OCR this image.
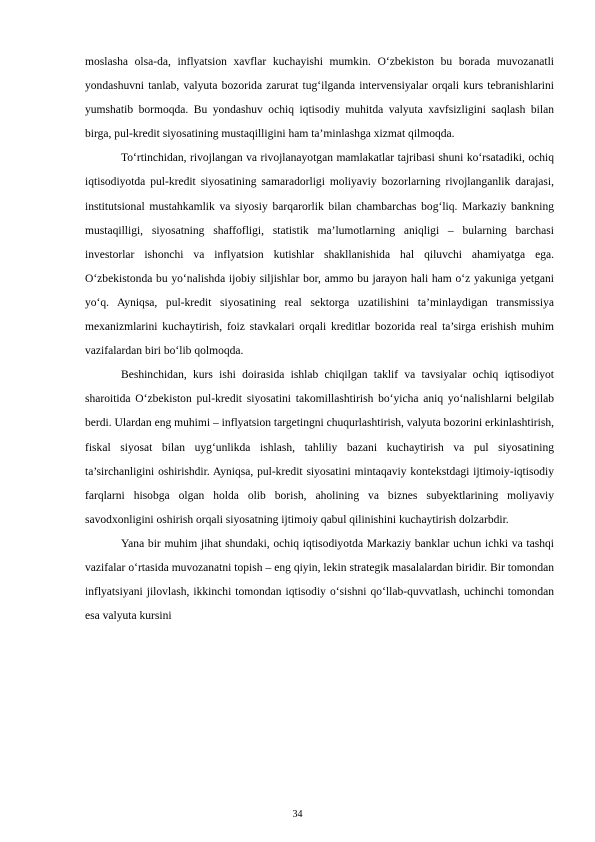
moslasha olsa-da, inflyatsion xavflar kuchayishi mumkin. O‘zbekiston bu borada muvozanatli yondashuvni tanlab, valyuta bozorida zarurat tug‘ilganda intervensiyalar orqali kurs tebranishlarini yumshatib bormoqda. Bu yondashuv ochiq iqtisodiy muhitda valyuta xavfsizligini saqlash bilan birga, pul-kredit siyosatining mustaqilligini ham ta’minlashga xizmat qilmoqda.

To‘rtinchidan, rivojlangan va rivojlanayotgan mamlakatlar tajribasi shuni ko‘rsatadiki, ochiq iqtisodiyotda pul-kredit siyosatining samaradorligi moliyaviy bozorlarning rivojlanganlik darajasi, institutsional mustahkamlik va siyosiy barqarorlik bilan chambarchas bog‘liq. Markaziy bankning mustaqilligi, siyosatning shaffofligi, statistik ma’lumotlarning aniqligi – bularning barchasi investorlar ishonchi va inflyatsion kutishlar shakllanishida hal qiluvchi ahamiyatga ega. O‘zbekistonda bu yo‘nalishda ijobiy siljishlar bor, ammo bu jarayon hali ham o‘z yakuniga yetgani yo‘q. Ayniqsa, pul-kredit siyosatining real sektorga uzatilishini ta’minlaydigan transmissiya mexanizmlarini kuchaytirish, foiz stavkalari orqali kreditlar bozorida real ta’sirga erishish muhim vazifalardan biri bo‘lib qolmoqda.

Beshinchidan, kurs ishi doirasida ishlab chiqilgan taklif va tavsiyalar ochiq iqtisodiyot sharoitida O‘zbekiston pul-kredit siyosatini takomillashtirish bo‘yicha aniq yo‘nalishlarni belgilab berdi. Ulardan eng muhimi – inflyatsion targetingni chuqurlashtirish, valyuta bozorini erkinlashtirish, fiskal siyosat bilan uyg‘unlikda ishlash, tahliliy bazani kuchaytirish va pul siyosatining ta’sirchanligini oshirishdir. Ayniqsa, pul-kredit siyosatini mintaqaviy kontekstdagi ijtimoiy-iqtisodiy farqlarni hisobga olgan holda olib borish, aholining va biznes subyektlarining moliyaviy savodxonligini oshirish orqali siyosatning ijtimoiy qabul qilinishini kuchaytirish dolzarbdir.

Yana bir muhim jihat shundaki, ochiq iqtisodiyotda Markaziy banklar uchun ichki va tashqi vazifalar o‘rtasida muvozanatni topish – eng qiyin, lekin strategik masalalardan biridir. Bir tomondan inflyatsiyani jilovlash, ikkinchi tomondan iqtisodiy o‘sishni qo‘llab-quvvatlash, uchinchi tomondan esa valyuta kursini

34
